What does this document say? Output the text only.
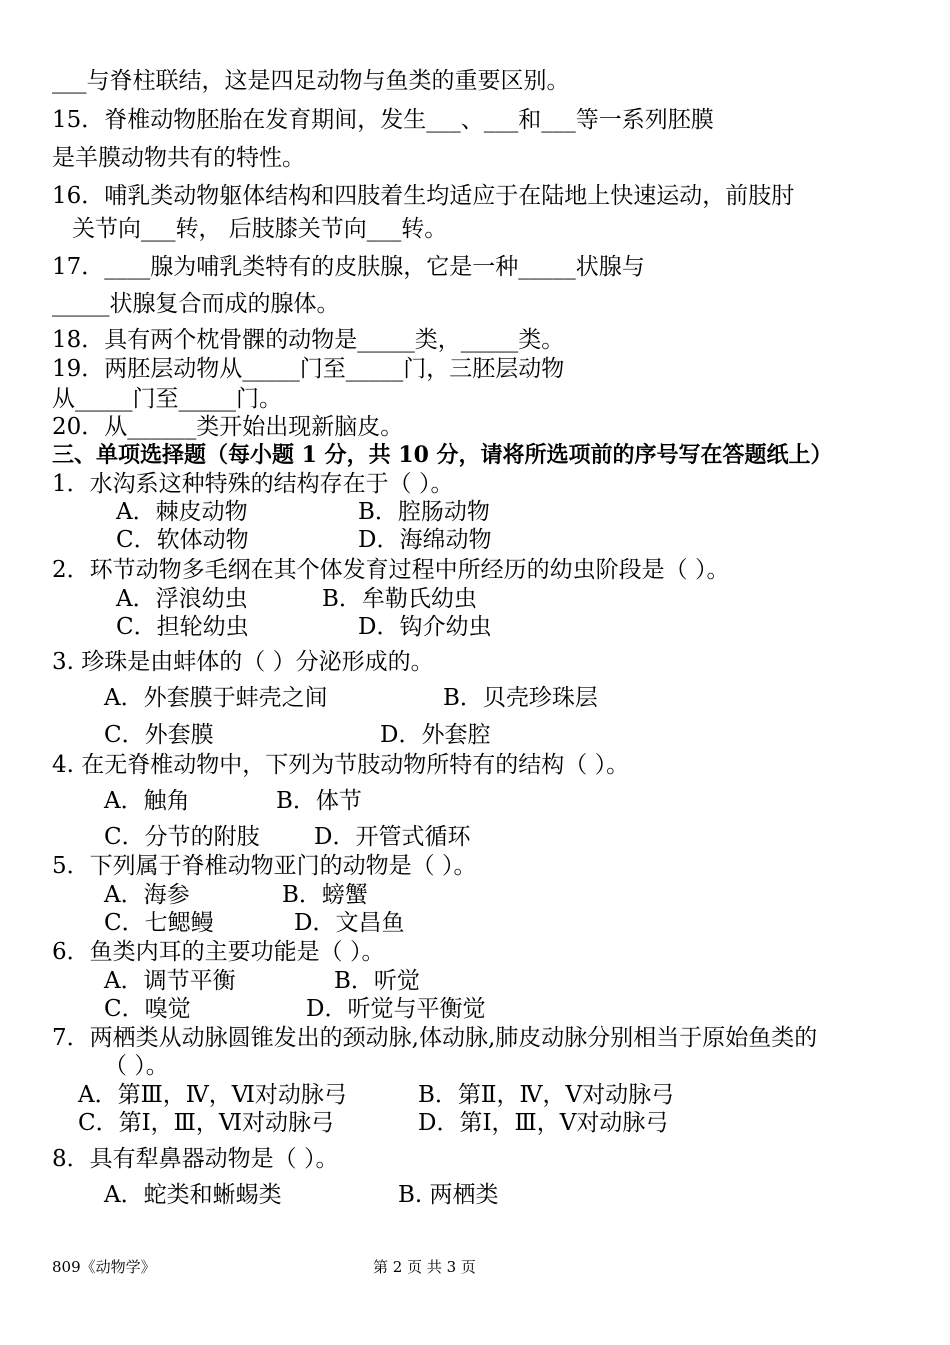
___与脊柱联结，这是四足动物与鱼类的重要区别。
15．脊椎动物胚胎在发育期间，发生___、___和___等一系列胚膜
是羊膜动物共有的特性。
16．哺乳类动物躯体结构和四肢着生均适应于在陆地上快速运动，前肢肘
关节向___转， 后肢膝关节向___转。
17．____腺为哺乳类特有的皮肤腺，它是一种_____状腺与
_____状腺复合而成的腺体。
18．具有两个枕骨髁的动物是_____类，_____类。
19．两胚层动物从_____门至_____门，三胚层动物
从_____门至_____门。
20．从______类开始出现新脑皮。
三、单项选择题（每小题 1 分，共 10 分，请将所选项前的序号写在答题纸上）
1．水沟系这种特殊的结构存在于（ ）。
A．棘皮动物	B．腔肠动物
C．软体动物	D．海绵动物
2．环节动物多毛纲在其个体发育过程中所经历的幼虫阶段是（ ）。
A．浮浪幼虫	B．牟勒氏幼虫
C．担轮幼虫	D．钩介幼虫
3. 珍珠是由蚌体的（ ）分泌形成的。
A．外套膜于蚌壳之间	B．贝壳珍珠层
C．外套膜	D．外套腔
4. 在无脊椎动物中，下列为节肢动物所特有的结构（ ）。
A．触角	B．体节
C．分节的附肢 D．开管式循环
5．下列属于脊椎动物亚门的动物是（ ）。
A．海参	B．螃蟹
C．七鳃鳗	D．文昌鱼
6．鱼类内耳的主要功能是（ ）。
A．调节平衡	B．听觉
C．嗅觉	D．听觉与平衡觉
7．两栖类从动脉圆锥发出的颈动脉,体动脉,肺皮动脉分别相当于原始鱼类的
（ ）。
A．第Ⅲ，Ⅳ，Ⅵ对动脉弓	B．第Ⅱ，Ⅳ，Ⅴ对动脉弓
C．第Ⅰ，Ⅲ，Ⅵ对动脉弓	D．第Ⅰ，Ⅲ，Ⅴ对动脉弓
8．具有犁鼻器动物是（ ）。
A．蛇类和蜥蜴类	B. 两栖类
809《动物学》	第 2 页 共 3 页
